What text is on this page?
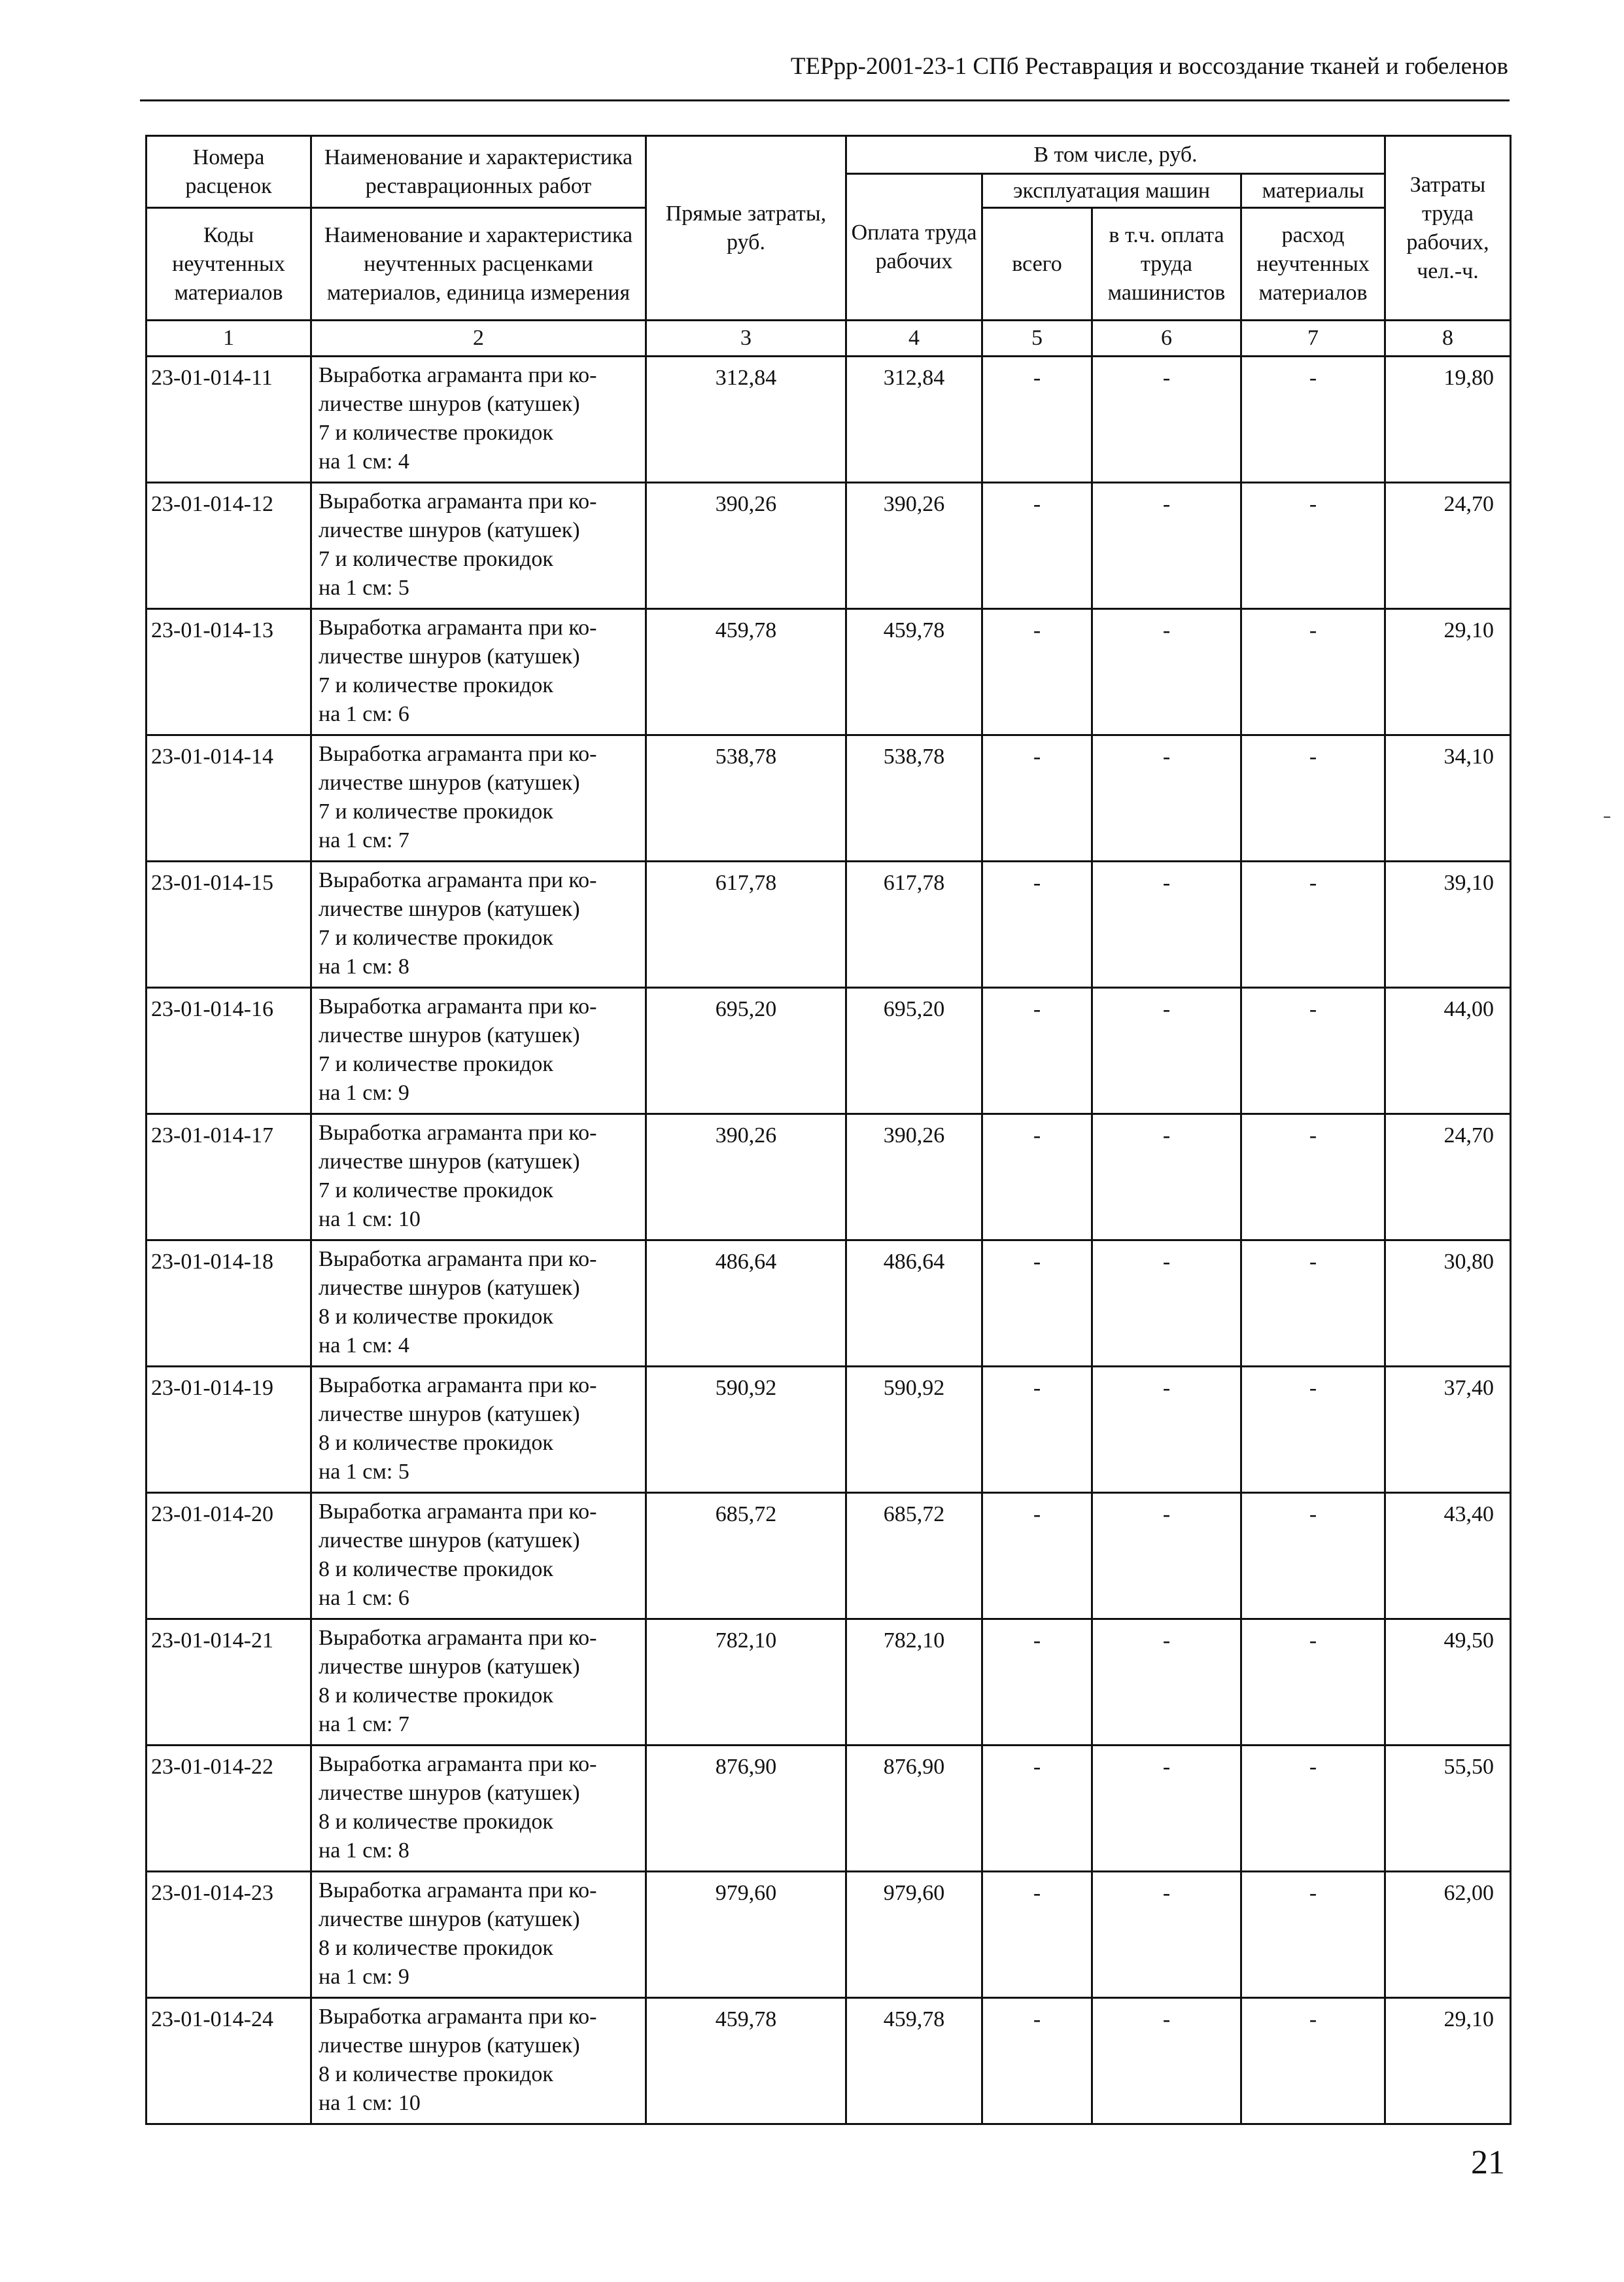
ТЕРрр-2001-23-1 СПб Реставрация и воссоздание тканей и гобеленов
Номера расценок	Наименование и характеристика реставрационных работ	Прямые затраты, руб.	В том числе, руб.				Затраты труда рабочих, чел.-ч.

			Оплата труда рабочих	эксплуатация машин		материалы	

Коды неучтенных материалов	Наименование и характеристика неучтенных расценками материалов, единица измерения			всего	в т.ч. оплата труда машинистов	расход неучтенных материалов	

1	2	3	4	5	6	7	8

23-01-014-11	Выработка аграманта при ко-
личестве шнуров (катушек)
7 и количестве прокидок
на 1 см: 4	312,84	312,84	-	-	-	19,80

23-01-014-12	Выработка аграманта при ко-
личестве шнуров (катушек)
7 и количестве прокидок
на 1 см: 5	390,26	390,26	-	-	-	24,70

23-01-014-13	Выработка аграманта при ко-
личестве шнуров (катушек)
7 и количестве прокидок
на 1 см: 6	459,78	459,78	-	-	-	29,10

23-01-014-14	Выработка аграманта при ко-
личестве шнуров (катушек)
7 и количестве прокидок
на 1 см: 7	538,78	538,78	-	-	-	34,10

23-01-014-15	Выработка аграманта при ко-
личестве шнуров (катушек)
7 и количестве прокидок
на 1 см: 8	617,78	617,78	-	-	-	39,10

23-01-014-16	Выработка аграманта при ко-
личестве шнуров (катушек)
7 и количестве прокидок
на 1 см: 9	695,20	695,20	-	-	-	44,00

23-01-014-17	Выработка аграманта при ко-
личестве шнуров (катушек)
7 и количестве прокидок
на 1 см: 10	390,26	390,26	-	-	-	24,70

23-01-014-18	Выработка аграманта при ко-
личестве шнуров (катушек)
8 и количестве прокидок
на 1 см: 4	486,64	486,64	-	-	-	30,80

23-01-014-19	Выработка аграманта при ко-
личестве шнуров (катушек)
8 и количестве прокидок
на 1 см: 5	590,92	590,92	-	-	-	37,40

23-01-014-20	Выработка аграманта при ко-
личестве шнуров (катушек)
8 и количестве прокидок
на 1 см: 6	685,72	685,72	-	-	-	43,40

23-01-014-21	Выработка аграманта при ко-
личестве шнуров (катушек)
8 и количестве прокидок
на 1 см: 7	782,10	782,10	-	-	-	49,50

23-01-014-22	Выработка аграманта при ко-
личестве шнуров (катушек)
8 и количестве прокидок
на 1 см: 8	876,90	876,90	-	-	-	55,50

23-01-014-23	Выработка аграманта при ко-
личестве шнуров (катушек)
8 и количестве прокидок
на 1 см: 9	979,60	979,60	-	-	-	62,00

23-01-014-24	Выработка аграманта при ко-
личестве шнуров (катушек)
8 и количестве прокидок
на 1 см: 10	459,78	459,78	-	-	-	29,10
21
